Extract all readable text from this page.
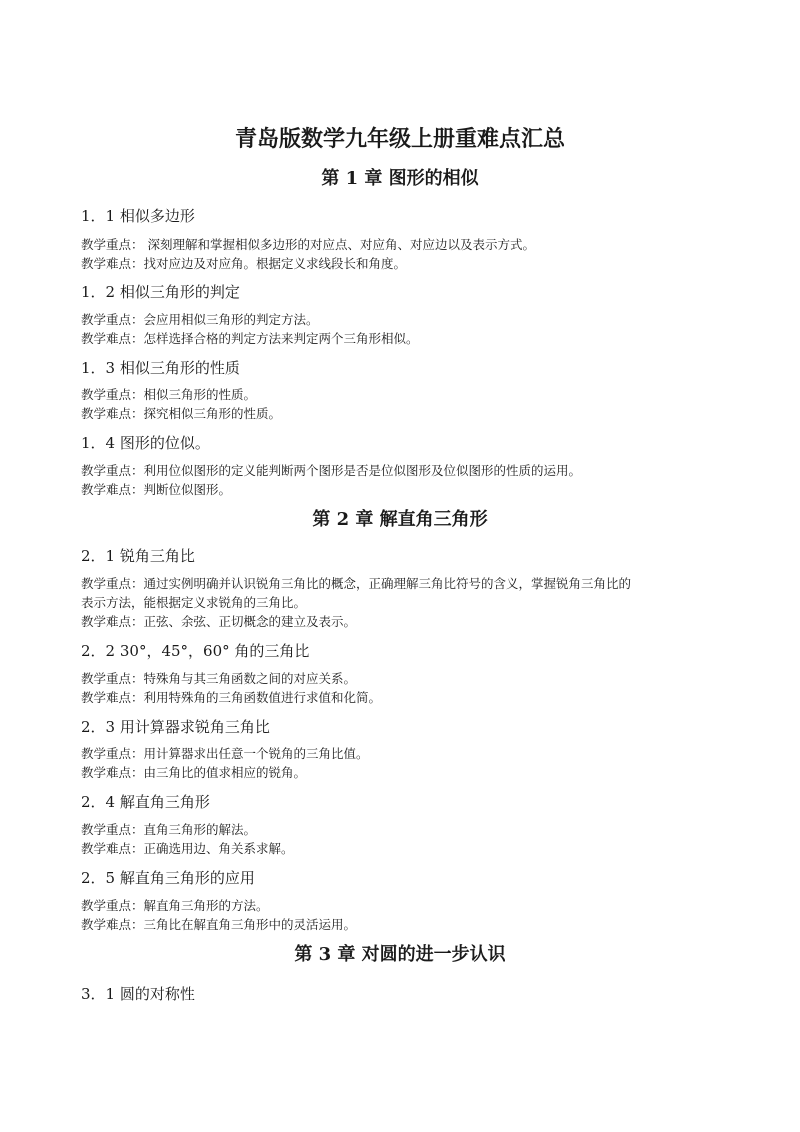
青岛版数学九年级上册重难点汇总
第 1 章 图形的相似
1．1 相似多边形
教学重点： 深刻理解和掌握相似多边形的对应点、对应角、对应边以及表示方式。
教学难点：找对应边及对应角。根据定义求线段长和角度。
1．2 相似三角形的判定
教学重点：会应用相似三角形的判定方法。
教学难点：怎样选择合格的判定方法来判定两个三角形相似。
1．3 相似三角形的性质
教学重点：相似三角形的性质。
教学难点：探究相似三角形的性质。
1．4 图形的位似。
教学重点：利用位似图形的定义能判断两个图形是否是位似图形及位似图形的性质的运用。
教学难点：判断位似图形。
第 2 章 解直角三角形
2．1 锐角三角比
教学重点：通过实例明确并认识锐角三角比的概念，正确理解三角比符号的含义，掌握锐角三角比的
表示方法，能根据定义求锐角的三角比。
教学难点：正弦、余弦、正切概念的建立及表示。
2．2 30°，45°，60° 角的三角比
教学重点：特殊角与其三角函数之间的对应关系。
教学难点：利用特殊角的三角函数值进行求值和化简。
2．3 用计算器求锐角三角比
教学重点：用计算器求出任意一个锐角的三角比值。
教学难点：由三角比的值求相应的锐角。
2．4 解直角三角形
教学重点：直角三角形的解法。
教学难点：正确选用边、角关系求解。
2．5 解直角三角形的应用
教学重点：解直角三角形的方法。
教学难点：三角比在解直角三角形中的灵活运用。
第 3 章 对圆的进一步认识
3．1 圆的对称性
